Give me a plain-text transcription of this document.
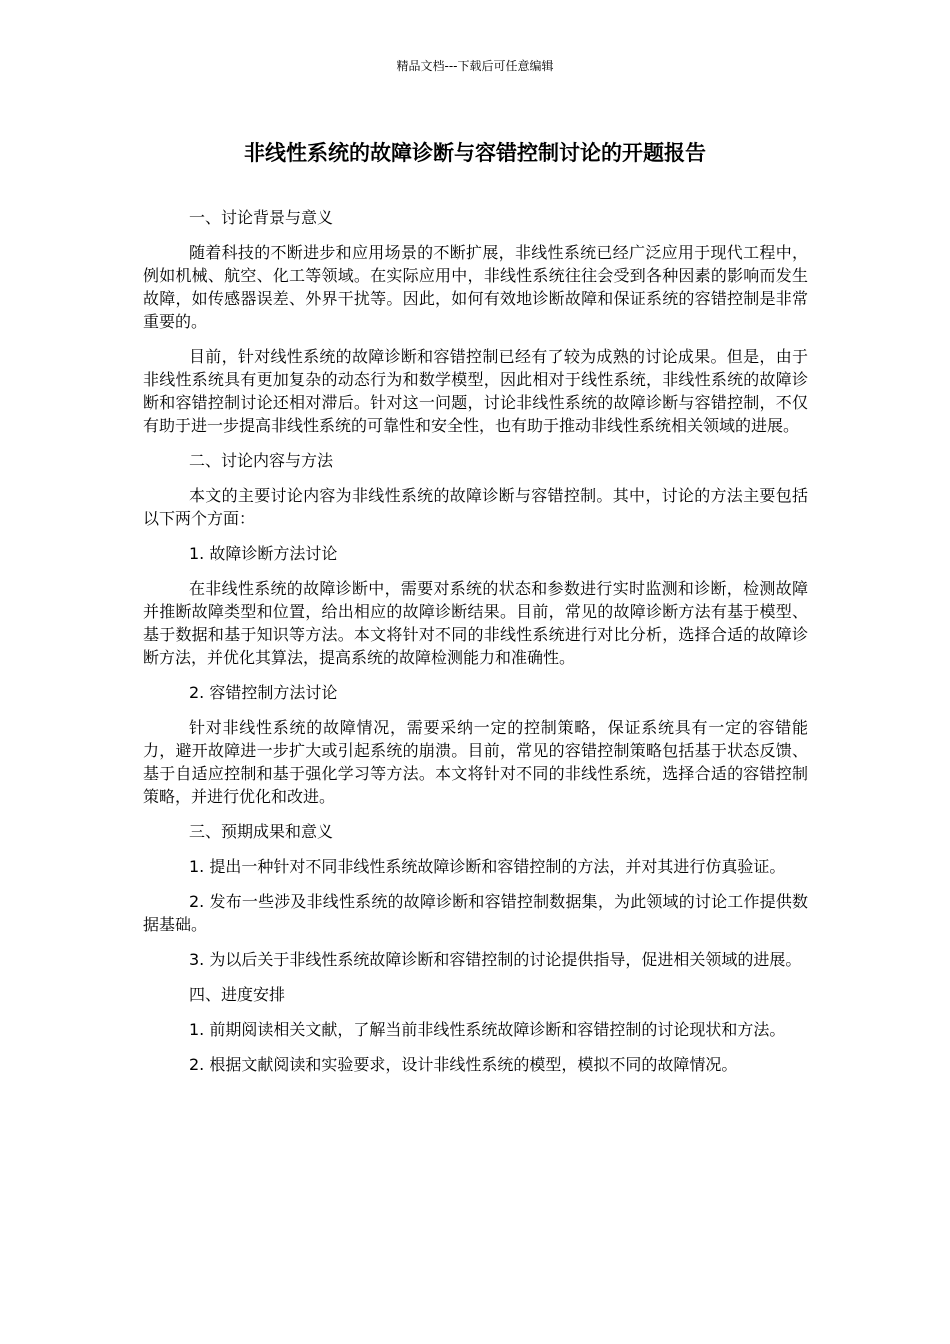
精品文档---下载后可任意编辑
非线性系统的故障诊断与容错控制讨论的开题报告

一、讨论背景与意义

随着科技的不断进步和应用场景的不断扩展，非线性系统已经广泛应用于现代工程中，例如机械、航空、化工等领域。在实际应用中，非线性系统往往会受到各种因素的影响而发生故障，如传感器误差、外界干扰等。因此，如何有效地诊断故障和保证系统的容错控制是非常重要的。

目前，针对线性系统的故障诊断和容错控制已经有了较为成熟的讨论成果。但是，由于非线性系统具有更加复杂的动态行为和数学模型，因此相对于线性系统，非线性系统的故障诊断和容错控制讨论还相对滞后。针对这一问题，讨论非线性系统的故障诊断与容错控制，不仅有助于进一步提高非线性系统的可靠性和安全性，也有助于推动非线性系统相关领域的进展。

二、讨论内容与方法

本文的主要讨论内容为非线性系统的故障诊断与容错控制。其中，讨论的方法主要包括以下两个方面：

1. 故障诊断方法讨论

在非线性系统的故障诊断中，需要对系统的状态和参数进行实时监测和诊断，检测故障并推断故障类型和位置，给出相应的故障诊断结果。目前，常见的故障诊断方法有基于模型、基于数据和基于知识等方法。本文将针对不同的非线性系统进行对比分析，选择合适的故障诊断方法，并优化其算法，提高系统的故障检测能力和准确性。

2. 容错控制方法讨论

针对非线性系统的故障情况，需要采纳一定的控制策略，保证系统具有一定的容错能力，避开故障进一步扩大或引起系统的崩溃。目前，常见的容错控制策略包括基于状态反馈、基于自适应控制和基于强化学习等方法。本文将针对不同的非线性系统，选择合适的容错控制策略，并进行优化和改进。

三、预期成果和意义

1. 提出一种针对不同非线性系统故障诊断和容错控制的方法，并对其进行仿真验证。

2. 发布一些涉及非线性系统的故障诊断和容错控制数据集，为此领域的讨论工作提供数据基础。

3. 为以后关于非线性系统故障诊断和容错控制的讨论提供指导，促进相关领域的进展。

四、进度安排

1. 前期阅读相关文献，了解当前非线性系统故障诊断和容错控制的讨论现状和方法。

2. 根据文献阅读和实验要求，设计非线性系统的模型，模拟不同的故障情况。
